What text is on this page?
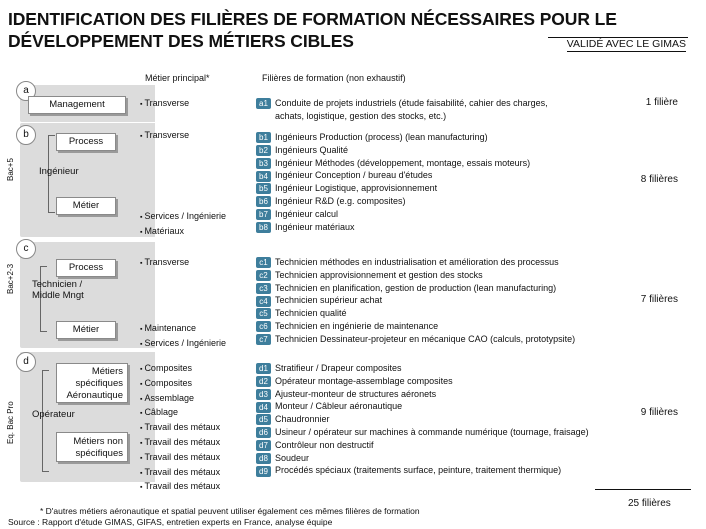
IDENTIFICATION DES FILIÈRES DE FORMATION NÉCESSAIRES POUR LE
DÉVELOPPEMENT DES MÉTIERS CIBLES	VALIDÉ AVEC LE GIMAS
Métier principal*	Filières de formation (non exhaustif)
a
Management
▪	Transverse	a1 Conduite de projets industriels (étude faisabilité, cahier des charges,
achats, logistique, gestion des stocks, etc.)
1 filière
Bac+5
b
Ingénieur
Process
Métier
▪ Transverse
▪ Services / Ingénierie
▪ Matériaux
b1 Ingénieurs Production (process) (lean manufacturing)
b2 Ingénieurs Qualité
b3 Ingénieur Méthodes (développement, montage, essais moteurs)
b4 Ingénieur Conception / bureau d'études
b5 Ingénieur Logistique, approvisionnement
b6 Ingénieur R&D (e.g. composites)
b7 Ingénieur calcul
b8 Ingénieur matériaux
8 filières
Bac+2-3
c
Technicien / Middle Mngt
Process
Métier
▪ Transverse
▪ Maintenance
▪ Services / Ingénierie
c1 Technicien méthodes en industrialisation et amélioration des processus
c2 Technicien approvisionnement et gestion des stocks
c3 Technicien en planification, gestion de production (lean manufacturing)
c4 Technicien supérieur achat
c5 Technicien qualité
c6 Technicien en ingénierie de maintenance
c7 Technicien Dessinateur-projeteur en mécanique CAO (calculs, prototypsite)
7 filières
Eq. Bac Pro
d
Opérateur
Métiers spécifiques Aéronautique
Métiers non spécifiques
▪ Composites
▪ Composites
▪ Assemblage
▪ Câblage
▪ Travail des métaux
▪ Travail des métaux
▪ Travail des métaux
▪ Travail des métaux
▪ Travail des métaux
d1 Stratifieur / Drapeur composites
d2 Opérateur montage-assemblage composites
d3 Ajusteur-monteur de structures aéronets
d4 Monteur / Câbleur aéronautique
d5 Chaudronnier
d6 Usineur / opérateur sur machines à commande numérique (tournage, fraisage)
d7 Contrôleur non destructif
d8 Soudeur
d9 Procédés spéciaux (traitements surface, peinture, traitement thermique)
9 filières
25 filières
* D'autres métiers aéronautique et spatial peuvent utiliser également ces mêmes filières de formation
Source : Rapport d'étude GIMAS, GIFAS, entretien experts en France, analyse équipe
